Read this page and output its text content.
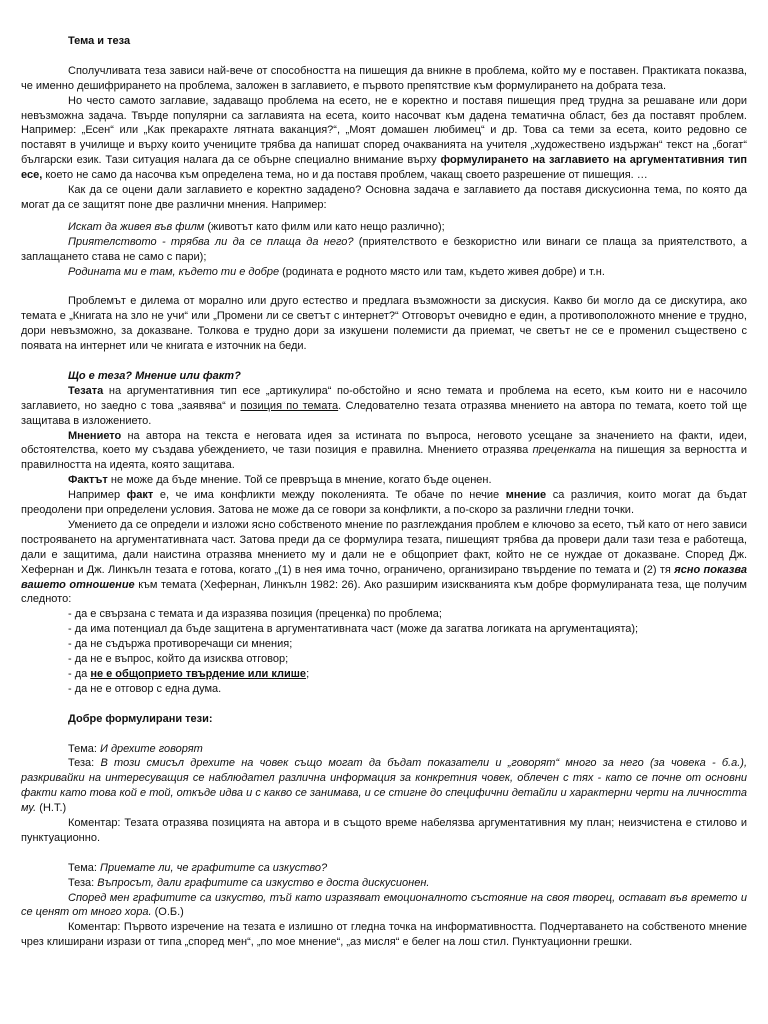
Тема и теза

Сполучливата теза зависи най-вече от способността на пишещия да вникне в проблема, който му е поставен. Практиката показва, че именно дешифрирането на проблема, заложен в заглавието, е първото препятствие към формулирането на добрата теза.

Но често самото заглавие, задаващо проблема на есето, не е коректно и поставя пишещия пред трудна за решаване или дори невъзможна задача. Твърде популярни са заглавията на есета, които насочват към дадена тематична област, без да поставят проблем. Например: „Есен“ или „Как прекарахте лятната ваканция?“, „Моят домашен любимец“ и др. Това са теми за есета, които редовно се поставят в училище и върху които учениците трябва да напишат според очакванията на учителя „художествено издържан“ текст на „богат“ български език. Тази ситуация налага да се обърне специално внимание върху формулирането на заглавието на аргументативния тип есе, което не само да насочва към определена тема, но и да поставя проблем, чакащ своето разрешение от пишещия. …

Как да се оцени дали заглавието е коректно зададено? Основна задача е заглавието да поставя дискусионна тема, по която да могат да се защитят поне две различни мнения. Например:

Искат да живея във филм (животът като филм или като нещо различно);

Приятелството - трябва ли да се плаща да него? (приятелството е безкористно или винаги се плаща за приятелството, а заплащането става не само с пари);

Родината ми е там, където ти е добре (родината е родното място или там, където живея добре) и т.н.

Проблемът е дилема от морално или друго естество и предлага възможности за дискусия. Какво би могло да се дискутира, ако темата е „Книгата на зло не учи“ или „Промени ли се светът с интернет?“ Отговорът очевидно е един, а противоположното мнение е трудно, дори невъзможно, за доказване. Толкова е трудно дори за изкушени полемисти да приемат, че светът не се е променил съществено с появата на интернет или че книгата е източник на беди.

Що е теза? Мнение или факт?

Тезата на аргументативния тип есе „артикулира“ по-обстойно и ясно темата и проблема на есето, към които ни е насочило заглавието, но заедно с това „заявява“ и позиция по темата. Следователно тезата отразява мнението на автора по темата, което той ще защитава в изложението.

Мнението на автора на текста е неговата идея за истината по въпроса, неговото усещане за значението на факти, идеи, обстоятелства, което му създава убеждението, че тази позиция е правилна. Мнението отразява преценката на пишещия за верността и правилността на идеята, която защитава.

Фактът не може да бъде мнение. Той се превръща в мнение, когато бъде оценен.

Например факт е, че има конфликти между поколенията. Те обаче по нечие мнение са различия, които могат да бъдат преодолени при определени условия. Затова не може да се говори за конфликти, а по-скоро за различни гледни точки.

Умението да се определи и изложи ясно собственото мнение по разглеждания проблем е ключово за есето, тъй като от него зависи построяването на аргументативната част. Затова преди да се формулира тезата, пишещият трябва да провери дали тази теза е работеща, дали е защитима, дали наистина отразява мнението му и дали не е общоприет факт, който не се нуждае от доказване. Според Дж. Хефернан и Дж. Линкълн тезата е готова, когато „(1) в нея има точно, ограничено, организирано твърдение по темата и (2) тя ясно показва вашето отношение към темата (Хефернан, Линкълн 1982: 26). Ако разширим изискванията към добре формулираната теза, ще получим следното:

- да е свързана с темата и да изразява позиция (преценка) по проблема;

- да има потенциал да бъде защитена в аргументативната част (може да загатва логиката на аргументацията);

- да не съдържа противоречащи си мнения;

- да не е въпрос, който да изисква отговор;

- да не е общоприето твърдение или клише;

- да не е отговор с една дума.

Добре формулирани тези:

Тема: И дрехите говорят

Теза: В този смисъл дрехите на човек също могат да бъдат показатели и „говорят“ много за него (за човека - б.а.), разкривайки на интересуващия се наблюдател различна информация за конкретния човек, облечен с тях - като се почне от основни факти като това кой е той, откъде идва и с какво се занимава, и се стигне до специфични детайли и характерни черти на личността му. (Н.Т.)

Коментар: Тезата отразява позицията на автора и в същото време набелязва аргументативния му план; неизчистена е стилово и пунктуационно.

Тема: Приемате ли, че графитите са изкуство?

Теза: Въпросът, дали графитите са изкуство е доста дискусионен.

Според мен графитите са изкуство, тъй като изразяват емоционалното състояние на своя творец, остават във времето и се ценят от много хора. (О.Б.)

Коментар: Първото изречение на тезата е излишно от гледна точка на информативността. Подчертаването на собственото мнение чрез клиширани изрази от типа „според мен“, „по мое мнение“, „аз мисля“ е белег на лош стил. Пунктуационни грешки.
